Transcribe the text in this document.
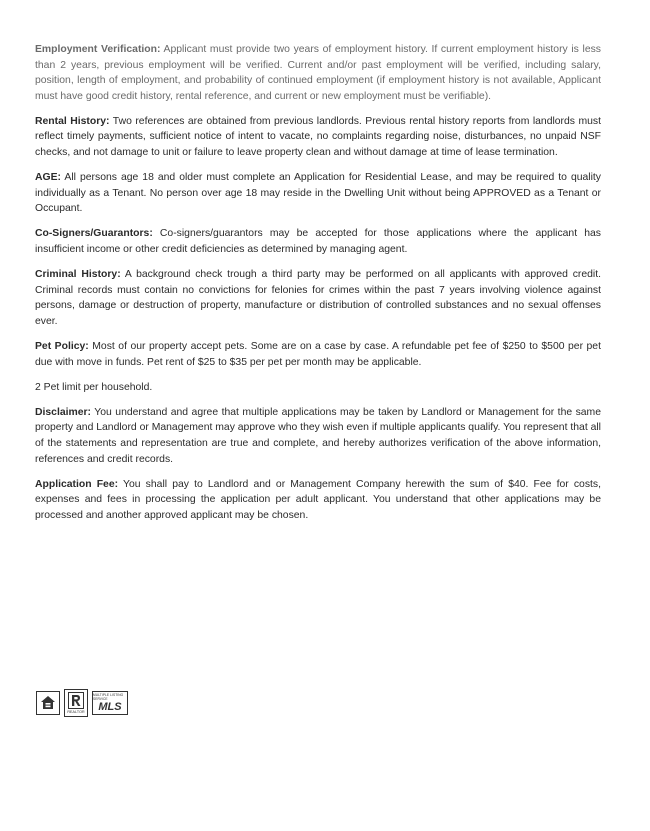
Employment Verification: Applicant must provide two years of employment history. If current employment history is less than 2 years, previous employment will be verified. Current and/or past employment will be verified, including salary, position, length of employment, and probability of continued employment (if employment history is not available, Applicant must have good credit history, rental reference, and current or new employment must be verifiable).

Rental History: Two references are obtained from previous landlords. Previous rental history reports from landlords must reflect timely payments, sufficient notice of intent to vacate, no complaints regarding noise, disturbances, no unpaid NSF checks, and not damage to unit or failure to leave property clean and without damage at time of lease termination.

AGE: All persons age 18 and older must complete an Application for Residential Lease, and may be required to quality individually as a Tenant. No person over age 18 may reside in the Dwelling Unit without being APPROVED as a Tenant or Occupant.

Co-Signers/Guarantors: Co-signers/guarantors may be accepted for those applications where the applicant has insufficient income or other credit deficiencies as determined by managing agent.

Criminal History: A background check trough a third party may be performed on all applicants with approved credit. Criminal records must contain no convictions for felonies for crimes within the past 7 years involving violence against persons, damage or destruction of property, manufacture or distribution of controlled substances and no sexual offenses ever.

Pet Policy: Most of our property accept pets. Some are on a case by case. A refundable pet fee of $250 to $500 per pet due with move in funds. Pet rent of $25 to $35 per pet per month may be applicable.

2 Pet limit per household.

Disclaimer: You understand and agree that multiple applications may be taken by Landlord or Management for the same property and Landlord or Management may approve who they wish even if multiple applicants qualify. You represent that all of the statements and representation are true and complete, and hereby authorizes verification of the above information, references and credit records.

Application Fee: You shall pay to Landlord and or Management Company herewith the sum of $40. Fee for costs, expenses and fees in processing the application per adult applicant. You understand that other applications may be processed and another approved applicant may be chosen.

REALTOR
MULTIPLE LISTING SERVICE
MLS
